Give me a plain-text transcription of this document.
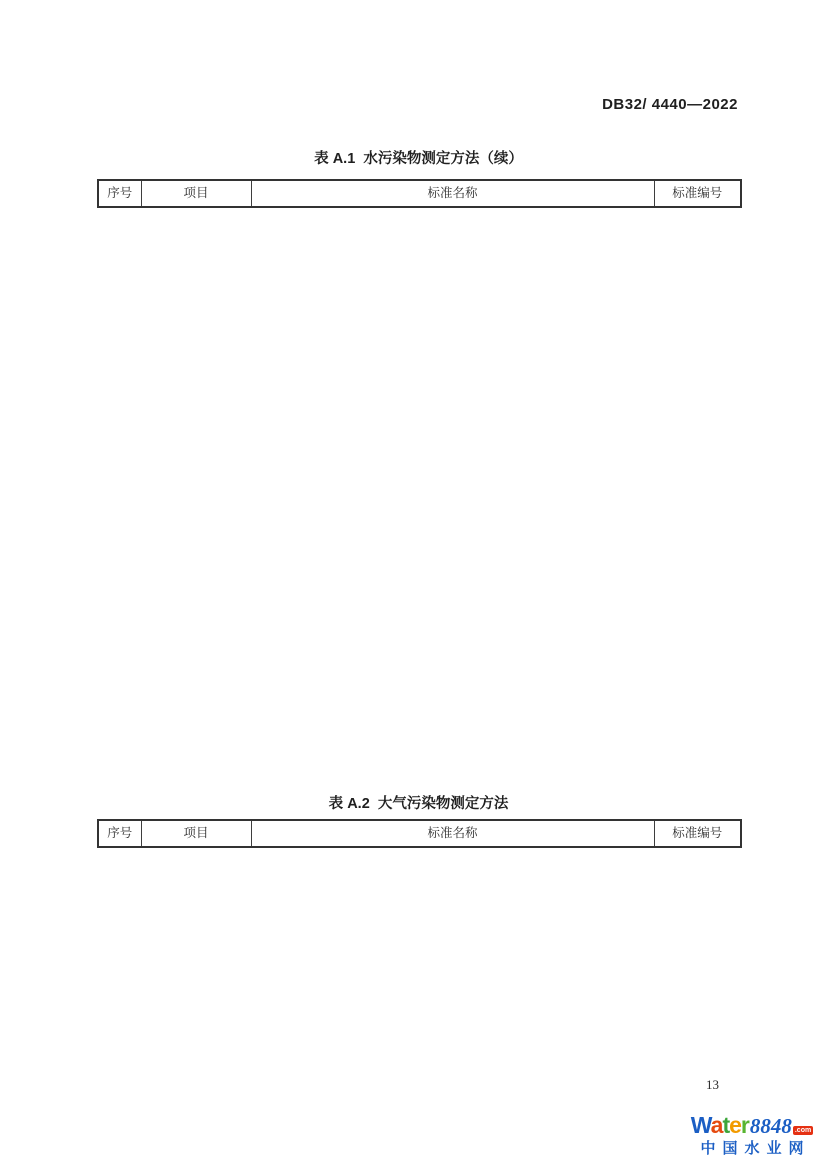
DB32/ 4440—2022
表 A.1  水污染物测定方法（续）
序号	项目	标准名称	标准编号
表 A.2  大气污染物测定方法
序号	项目	标准名称	标准编号
13
Water 8848 .com
中国水业网
